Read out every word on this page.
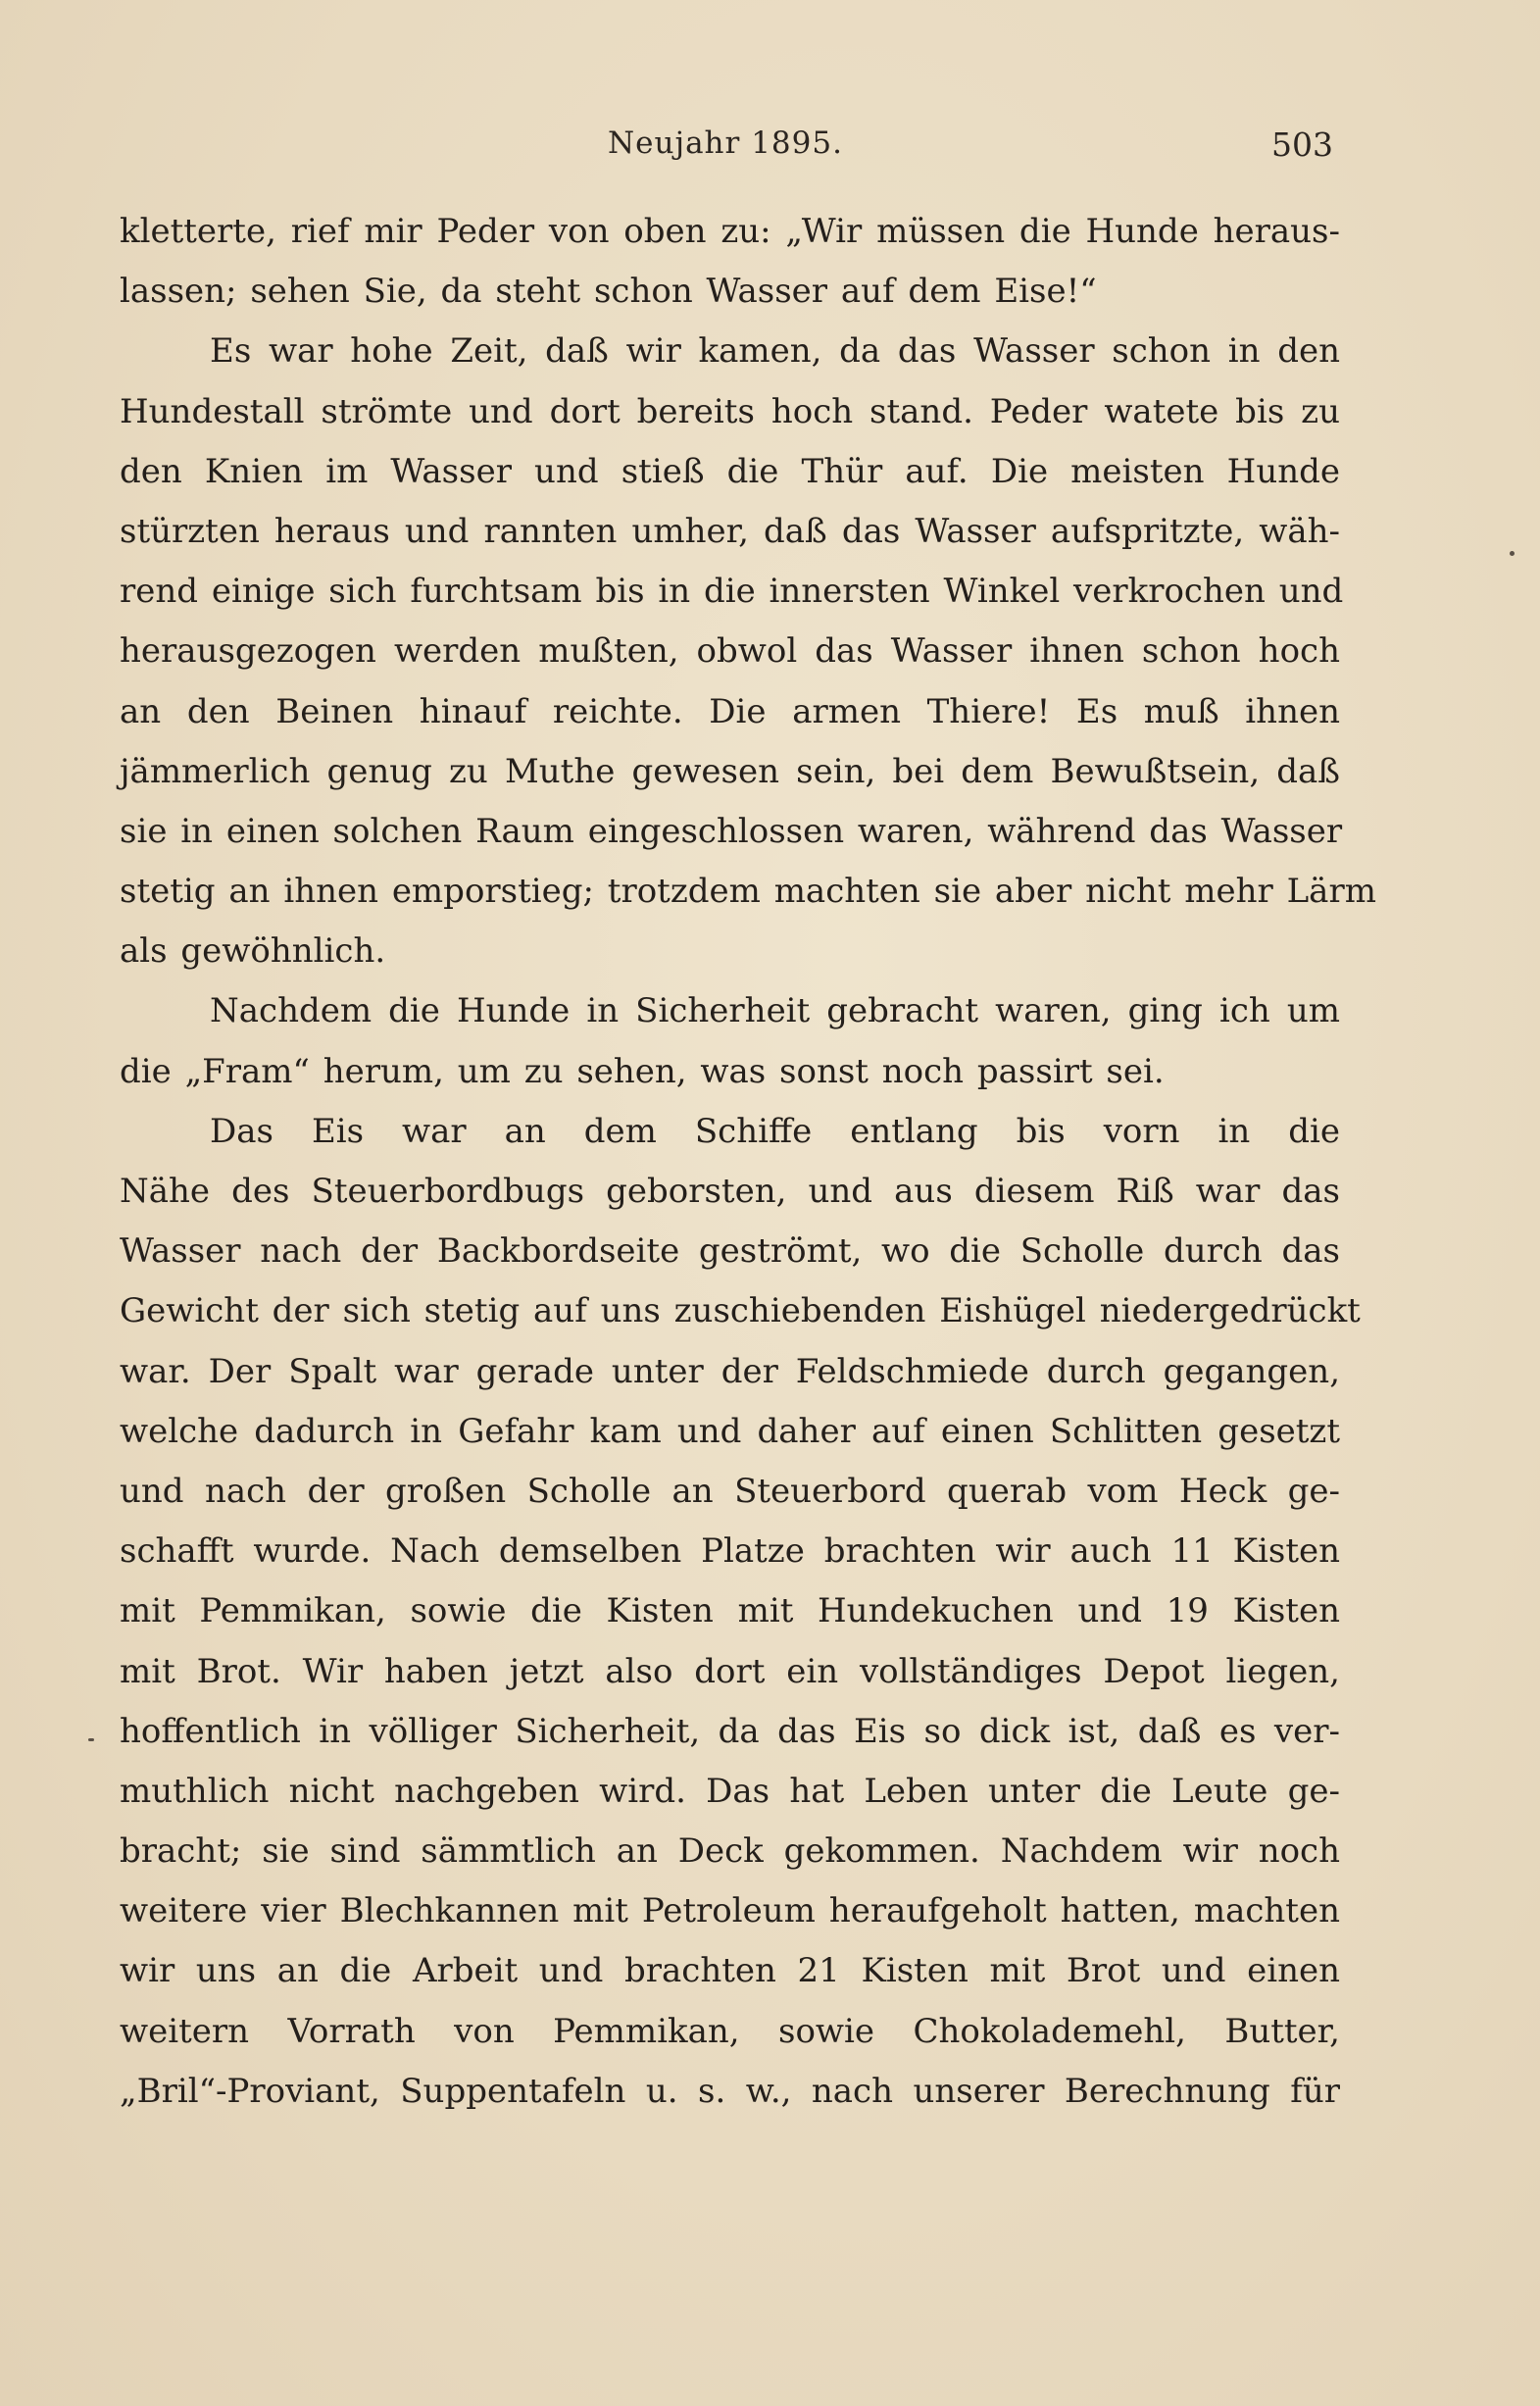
Neujahr 1895.	503
kletterte, rief mir Peder von oben zu: „Wir müssen die Hunde heraus-
lassen; sehen Sie, da steht schon Wasser auf dem Eise!“
Es war hohe Zeit, daß wir kamen, da das Wasser schon in den
Hundestall strömte und dort bereits hoch stand. Peder watete bis zu
den Knien im Wasser und stieß die Thür auf. Die meisten Hunde
stürzten heraus und rannten umher, daß das Wasser aufspritzte, wäh-
rend einige sich furchtsam bis in die innersten Winkel verkrochen und
herausgezogen werden mußten, obwol das Wasser ihnen schon hoch
an den Beinen hinauf reichte. Die armen Thiere! Es muß ihnen
jämmerlich genug zu Muthe gewesen sein, bei dem Bewußtsein, daß
sie in einen solchen Raum eingeschlossen waren, während das Wasser
stetig an ihnen emporstieg; trotzdem machten sie aber nicht mehr Lärm
als gewöhnlich.
Nachdem die Hunde in Sicherheit gebracht waren, ging ich um
die „Fram“ herum, um zu sehen, was sonst noch passirt sei.
Das Eis war an dem Schiffe entlang bis vorn in die
Nähe des Steuerbordbugs geborsten, und aus diesem Riß war das
Wasser nach der Backbordseite geströmt, wo die Scholle durch das
Gewicht der sich stetig auf uns zuschiebenden Eishügel niedergedrückt
war. Der Spalt war gerade unter der Feldschmiede durch gegangen,
welche dadurch in Gefahr kam und daher auf einen Schlitten gesetzt
und nach der großen Scholle an Steuerbord querab vom Heck ge-
schafft wurde. Nach demselben Platze brachten wir auch 11 Kisten
mit Pemmikan, sowie die Kisten mit Hundekuchen und 19 Kisten
mit Brot. Wir haben jetzt also dort ein vollständiges Depot liegen,
hoffentlich in völliger Sicherheit, da das Eis so dick ist, daß es ver-
muthlich nicht nachgeben wird. Das hat Leben unter die Leute ge-
bracht; sie sind sämmtlich an Deck gekommen. Nachdem wir noch
weitere vier Blechkannen mit Petroleum heraufgeholt hatten, machten
wir uns an die Arbeit und brachten 21 Kisten mit Brot und einen
weitern Vorrath von Pemmikan, sowie Chokolademehl, Butter,
„Bril“-Proviant, Suppentafeln u. s. w., nach unserer Berechnung für
